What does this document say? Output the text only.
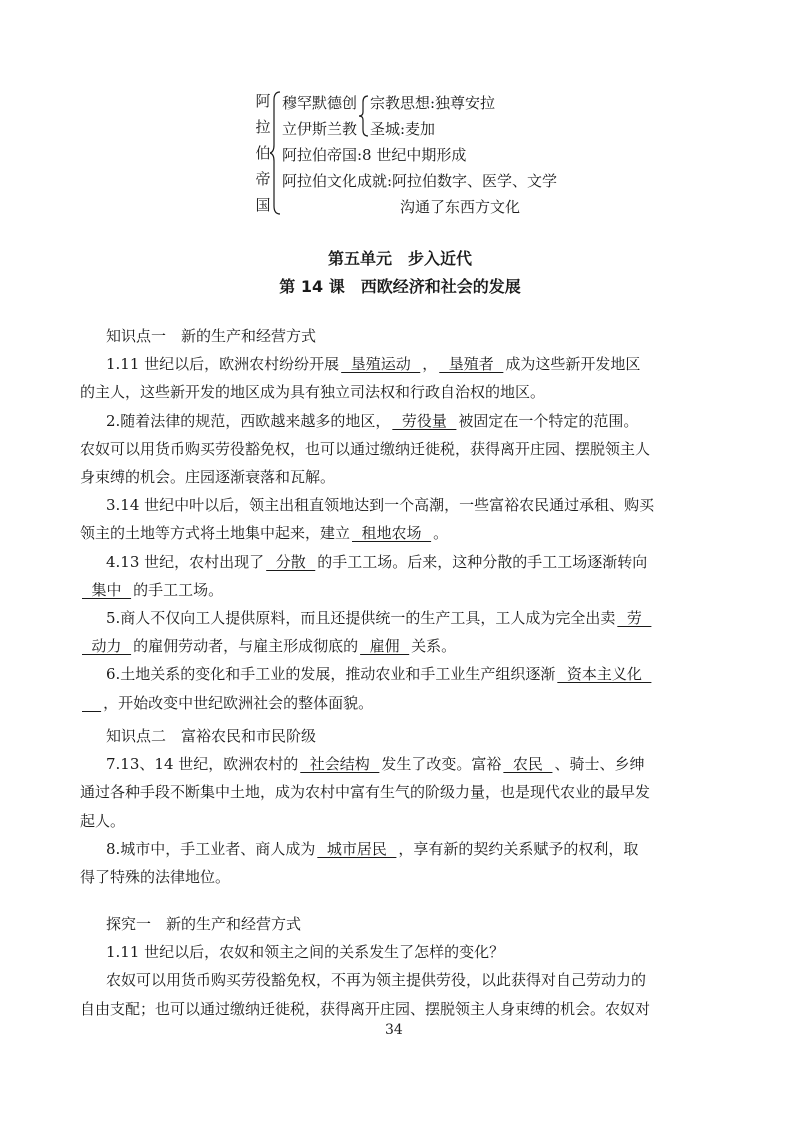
阿
拉
伯
帝
国
穆罕默德创
立伊斯兰教
宗教思想:独尊安拉
圣城:麦加
阿拉伯帝国:8 世纪中期形成
阿拉伯文化成就:阿拉伯数字、医学、文学
沟通了东西方文化
第五单元　步入近代
第 14 课　西欧经济和社会的发展
知识点一　新的生产和经营方式
1.11 世纪以后，欧洲农村纷纷开展  垦殖运动  ，  垦殖者  成为这些新开发地区
的主人，这些新开发的地区成为具有独立司法权和行政自治权的地区。
2.随着法律的规范，西欧越来越多的地区，  劳役量  被固定在一个特定的范围。
农奴可以用货币购买劳役豁免权，也可以通过缴纳迁徙税，获得离开庄园、摆脱领主人
身束缚的机会。庄园逐渐衰落和瓦解。
3.14 世纪中叶以后，领主出租直领地达到一个高潮，一些富裕农民通过承租、购买
领主的土地等方式将土地集中起来，建立  租地农场  。
4.13 世纪，农村出现了  分散  的手工工场。后来，这种分散的手工工场逐渐转向
集中  的手工工场。
5.商人不仅向工人提供原料，而且还提供统一的生产工具，工人成为完全出卖  劳
动力  的雇佣劳动者，与雇主形成彻底的  雇佣  关系。
6.土地关系的变化和手工业的发展，推动农业和手工业生产组织逐渐  资本主义化
，开始改变中世纪欧洲社会的整体面貌。
知识点二　富裕农民和市民阶级
7.13、14 世纪，欧洲农村的  社会结构  发生了改变。富裕  农民  、骑士、乡绅
通过各种手段不断集中土地，成为农村中富有生气的阶级力量，也是现代农业的最早发
起人。
8.城市中，手工业者、商人成为  城市居民  ，享有新的契约关系赋予的权利，取
得了特殊的法律地位。
探究一　新的生产和经营方式
1.11 世纪以后，农奴和领主之间的关系发生了怎样的变化？
农奴可以用货币购买劳役豁免权，不再为领主提供劳役，以此获得对自己劳动力的
自由支配；也可以通过缴纳迁徙税，获得离开庄园、摆脱领主人身束缚的机会。农奴对
34
